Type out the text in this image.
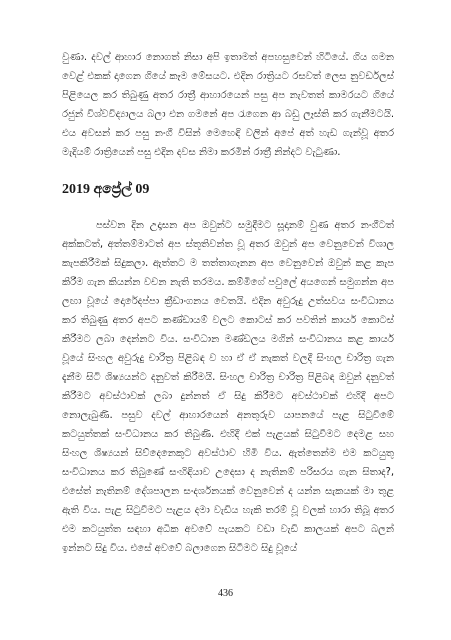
වුණා. දවල් ආහාර නොගත් නිසා අපි ඉතාමත් අපහසුවෙන් හිටියේ. ගිය ගමන වෙළ් එකක් දාගෙන ගියේ කෑම මේසයට. එදින රාත්‍රියට රසවත් ලෙස නුවර්ඩලස් පිළියෙල කර තිබුණු අතර රාත්‍රී ආහාරයෙන් පසු අප නැවතත් කාමරයට ගියේ රජුන් විශ්වවිද්‍යාලය බලා එන ගමනේ අප රැගෙන ආ බඩු ලෑස්ති කර ගැනීමටයි. එය අවසන් කර පසු නංගී විසින් මෙහෙඳි වලින් අපේ අත් හැඩ ගැන්වූ අතර මැදියම් රාත්‍රියෙන් පසු එදින දවස නිමා කරමින් රාත්‍රී නින්දට වැටුණා.

2019 අප්‍රේල් 09

පස්වන දින උදෑසන අප ඔවුන්ට සමුදීමට සූදානම් වුණ අතර නංගීටත් අක්කටත්, අත්තම්මාටත් අප ස්තූතිවන්ත වූ අතර ඔවුන් අප වෙනුවෙන් විශාල කැපකිරීමක් සිදුකලා. ඇත්තට ම තත්තාගෑනන අප වෙනුවෙන් ඔවුන් කළ කැප කිරීම ගැන කියන්න වචන නැති තරමය. කම්මිගේ පවුලේ අයගෙන් සමුගන්න අප ලඟා වූයේ දොරේදප්පා ක්‍රීඩාංගනය වෙතයි. එදින අවුරුදු උත්සවය සංවිධානය කර තිබුණු අතර අපට කණ්ඩායම් වලට කොටස් කර පවතින් කාර්ය කොටස් කිරීමට ලබා දෙන්නට විය. සංවිධාන මණ්ඩලය මගින් සංවිධානය කළ කාර්ය වූයේ සිංහල අවුරුදු චාරිත්‍ර පිළිබඳ ව හා ඒ ඒ නැකත් වලදී සිංහල චාරිත්‍ර ගැන දැනීම සිටි ශිෂ්‍යයන්ට දනුවත් කිරීමයි. සිංහල චාරිත්‍ර චාරිත්‍ර පිළිබඳ ඔවුන් දනුවත් කිරීමට අවස්ථාවක් ලබා දුන්නත් ඒ සිදු කිරීමට අවස්ථාවක් එහිදී අපට නොලැබුණි. පසුව දවල් ආහාරයෙන් අනතුරුව යාපනයේ පැළ සිටුවීමේ කටයුත්තක් සංවිධානය කර තිබුණි. එහිදී එක් පැළයක් සිටුවීමට දෙමළ සහ සිංහල ශිෂ්‍යයන් සිව්දෙනෙකුට අවස්ථාව හිමි විය. ඇත්තෙන්ම එම කටයුතු සංවිධානය කර තිබුණේ සංහිඳියාව උදෙසා ද නැතිනම් පරිසරය ගැන සිතාද?, එසේත් නැතිනම් දේශපාලන සංදර්ශනයක් වෙනුවෙන් ද යන්න සැකයක් මා තුළ ඇති විය. පැළ සිටුවීමට පැළය දමා වැඩිය හැකි තරම් වූ වලක් හාරා තිබූ අතර එම කටයුත්ත සඳහා අධික අවවේ පැයකට වඩා වැඩි කාලයක් අපට බලන් ඉන්නට සිදු විය. එසේ අවවේ බලාගෙන සිටීමට සිදු වූයේ

436
